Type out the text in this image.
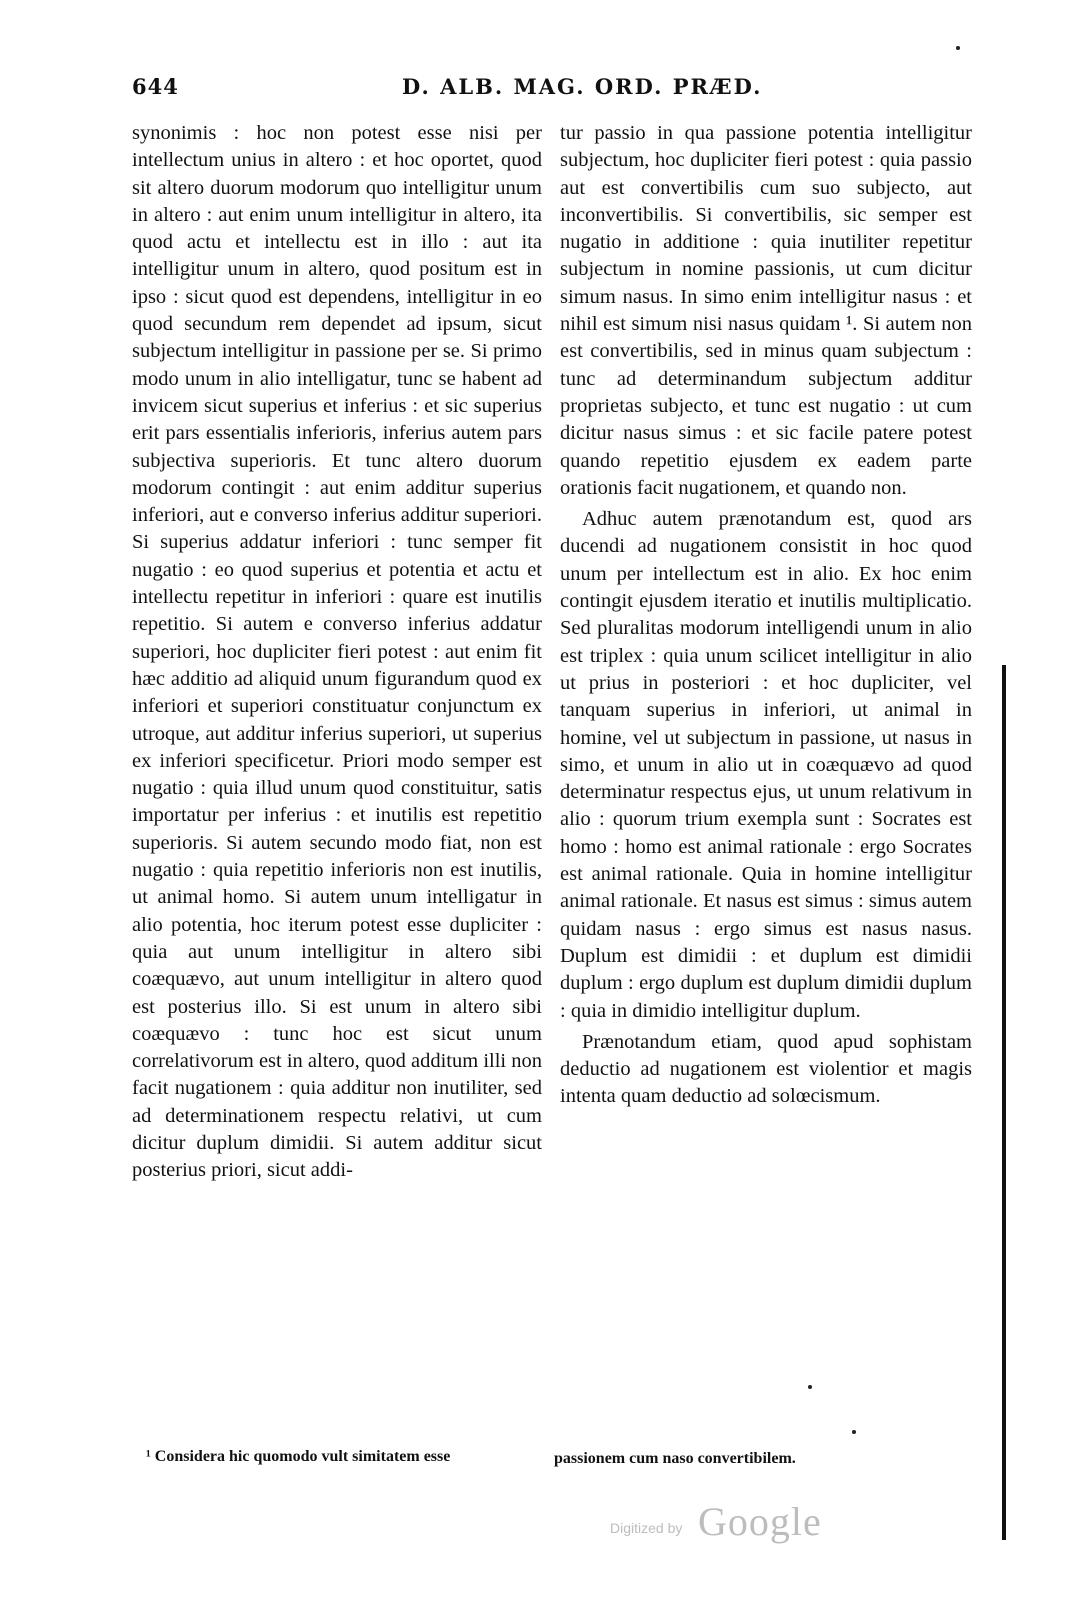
644	D. ALB. MAG. ORD. PRÆD.

synonimis : hoc non potest esse nisi per intellectum unius in altero : et hoc oportet, quod sit altero duorum modorum quo intelligitur unum in altero : aut enim unum intelligitur in altero, ita quod actu et intellectu est in illo : aut ita intelligitur unum in altero, quod positum est in ipso : sicut quod est dependens, intelligitur in eo quod secundum rem dependet ad ipsum, sicut subjectum intelligitur in passione per se. Si primo modo unum in alio intelligatur, tunc se habent ad invicem sicut superius et inferius : et sic superius erit pars essentialis inferioris, inferius autem pars subjectiva superioris. Et tunc altero duorum modorum contingit : aut enim additur superius inferiori, aut e converso inferius additur superiori. Si superius addatur inferiori : tunc semper fit nugatio : eo quod superius et potentia et actu et intellectu repetitur in inferiori : quare est inutilis repetitio. Si autem e converso inferius addatur superiori, hoc dupliciter fieri potest : aut enim fit hæc additio ad aliquid unum figurandum quod ex inferiori et superiori constituatur conjunctum ex utroque, aut additur inferius superiori, ut superius ex inferiori specificetur. Priori modo semper est nugatio : quia illud unum quod constituitur, satis importatur per inferius : et inutilis est repetitio superioris. Si autem secundo modo fiat, non est nugatio : quia repetitio inferioris non est inutilis, ut animal homo. Si autem unum intelligatur in alio potentia, hoc iterum potest esse dupliciter : quia aut unum intelligitur in altero sibi coæquævo, aut unum intelligitur in altero quod est posterius illo. Si est unum in altero sibi coæquævo : tunc hoc est sicut unum correlativorum est in altero, quod additum illi non facit nugationem : quia additur non inutiliter, sed ad determinationem respectu relativi, ut cum dicitur duplum dimidii. Si autem additur sicut posterius priori, sicut addi-

tur passio in qua passione potentia intelligitur subjectum, hoc dupliciter fieri potest : quia passio aut est convertibilis cum suo subjecto, aut inconvertibilis. Si convertibilis, sic semper est nugatio in additione : quia inutiliter repetitur subjectum in nomine passionis, ut cum dicitur simum nasus. In simo enim intelligitur nasus : et nihil est simum nisi nasus quidam ¹. Si autem non est convertibilis, sed in minus quam subjectum : tunc ad determinandum subjectum additur proprietas subjecto, et tunc est nugatio : ut cum dicitur nasus simus : et sic facile patere potest quando repetitio ejusdem ex eadem parte orationis facit nugationem, et quando non.

Adhuc autem prænotandum est, quod ars ducendi ad nugationem consistit in hoc quod unum per intellectum est in alio. Ex hoc enim contingit ejusdem iteratio et inutilis multiplicatio. Sed pluralitas modorum intelligendi unum in alio est triplex : quia unum scilicet intelligitur in alio ut prius in posteriori : et hoc dupliciter, vel tanquam superius in inferiori, ut animal in homine, vel ut subjectum in passione, ut nasus in simo, et unum in alio ut in coæquævo ad quod determinatur respectus ejus, ut unum relativum in alio : quorum trium exempla sunt : Socrates est homo : homo est animal rationale : ergo Socrates est animal rationale. Quia in homine intelligitur animal rationale. Et nasus est simus : simus autem quidam nasus : ergo simus est nasus nasus. Duplum est dimidii : et duplum est dimidii duplum : ergo duplum est duplum dimidii duplum : quia in dimidio intelligitur duplum.

Prænotandum etiam, quod apud sophistam deductio ad nugationem est violentior et magis intenta quam deductio ad solœcismum.

¹ Considera hic quomodo vult simitatem esse	passionem cum naso convertibilem.
Digitized by Google
